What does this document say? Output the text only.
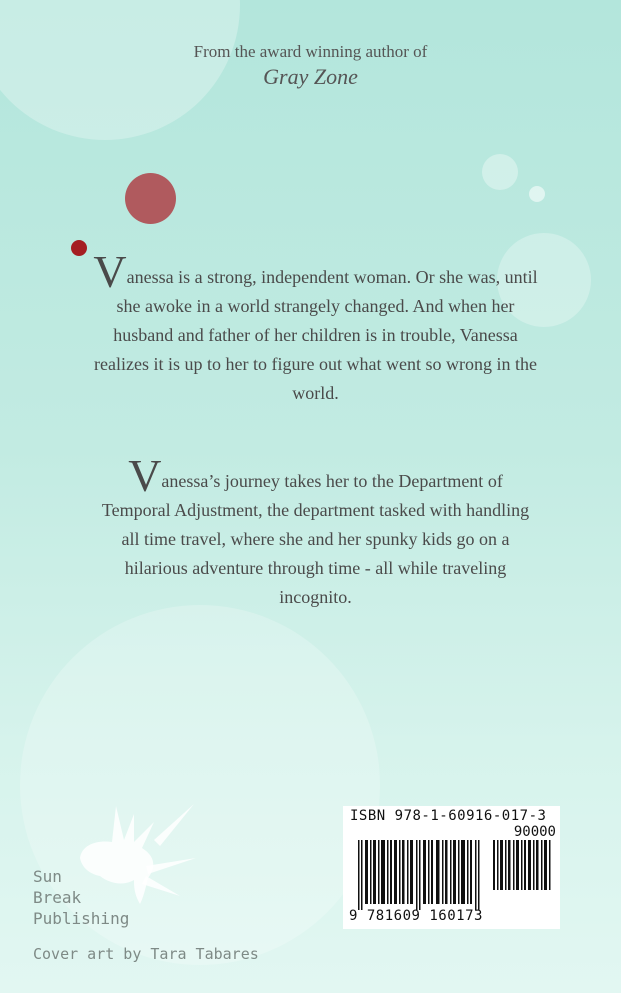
From the award winning author of
Gray Zone
Vanessa is a strong, independent woman. Or she was, until she awoke in a world strangely changed. And when her husband and father of her children is in trouble, Vanessa realizes it is up to her to figure out what went so wrong in the world.
Vanessa’s journey takes her to the Department of Temporal Adjustment, the department tasked with handling all time travel, where she and her spunky kids go on a hilarious adventure through time - all while traveling incognito.
Sun
Break
Publishing
Cover art by Tara Tabares
ISBN 978-1-60916-017-3
90000
9 781609 160173
